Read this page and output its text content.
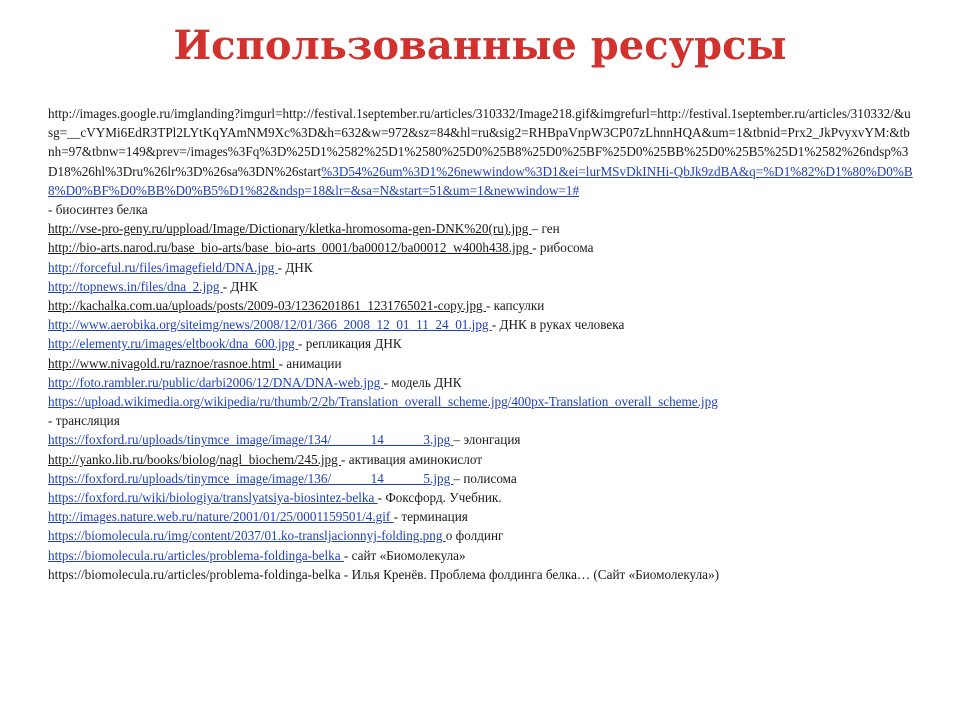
Использованные ресурсы

http://images.google.ru/imglanding?imgurl=http://festival.1september.ru/articles/310332/Image218.gif&imgrefurl=http://festival.1september.ru/articles/310332/&usg=__cVYMi6EdR3TPl2LYtKqYAmNM9Xc%3D&h=632&w=972&sz=84&hl=ru&sig2=RHBpaVnpW3CP07zLhnnHQA&um=1&tbnid=Prx2_JkPvyxvYM:&tbnh=97&tbnw=149&prev=/images%3Fq%3D%25D1%2582%25D1%2580%25D0%25B8%25D0%25BF%25D0%25BB%25D0%25B5%25D1%2582%26ndsp%3D18%26hl%3Dru%26lr%3D%26sa%3DN%26start%3D54%26um%3D1%26newwindow%3D1&ei=lurMSvDkINHi-QbJk9zdBA&q=%D1%82%D1%80%D0%B8%D0%BF%D0%BB%D0%B5%D1%82&ndsp=18&lr=&sa=N&start=51&um=1&newwindow=1#

- биосинтез белка

http://vse-pro-geny.ru/uppload/Image/Dictionary/kletka-hromosoma-gen-DNK%20(ru).jpg – ген

http://bio-arts.narod.ru/base_bio-arts/base_bio-arts_0001/ba00012/ba00012_w400h438.jpg - рибосома

http://forceful.ru/files/imagefield/DNA.jpg - ДНК

http://topnews.in/files/dna_2.jpg - ДНК

http://kachalka.com.ua/uploads/posts/2009-03/1236201861_1231765021-copy.jpg - капсулки

http://www.aerobika.org/siteimg/news/2008/12/01/366_2008_12_01_11_24_01.jpg - ДНК в руках человека

http://elementy.ru/images/eltbook/dna_600.jpg - репликация ДНК

http://www.nivagold.ru/raznoe/rasnoe.html - анимации

http://foto.rambler.ru/public/darbi2006/12/DNA/DNA-web.jpg - модель ДНК

https://upload.wikimedia.org/wikipedia/ru/thumb/2/2b/Translation_overall_scheme.jpg/400px-Translation_overall_scheme.jpg

- трансляция

https://foxford.ru/uploads/tinymce_image/image/134/______14______3.jpg – элонгация

http://yanko.lib.ru/books/biolog/nagl_biochem/245.jpg - активация аминокислот

https://foxford.ru/uploads/tinymce_image/image/136/______14______5.jpg – полисома

https://foxford.ru/wiki/biologiya/translyatsiya-biosintez-belka - Фоксфорд. Учебник.

http://images.nature.web.ru/nature/2001/01/25/0001159501/4.gif - терминация

https://biomolecula.ru/img/content/2037/01.ko-transljacionnyj-folding.png о фолдинг

https://biomolecula.ru/articles/problema-foldinga-belka - сайт «Биомолекула»

https://biomolecula.ru/articles/problema-foldinga-belka - Илья Кренёв. Проблема фолдинга белка… (Сайт «Биомолекула»)
